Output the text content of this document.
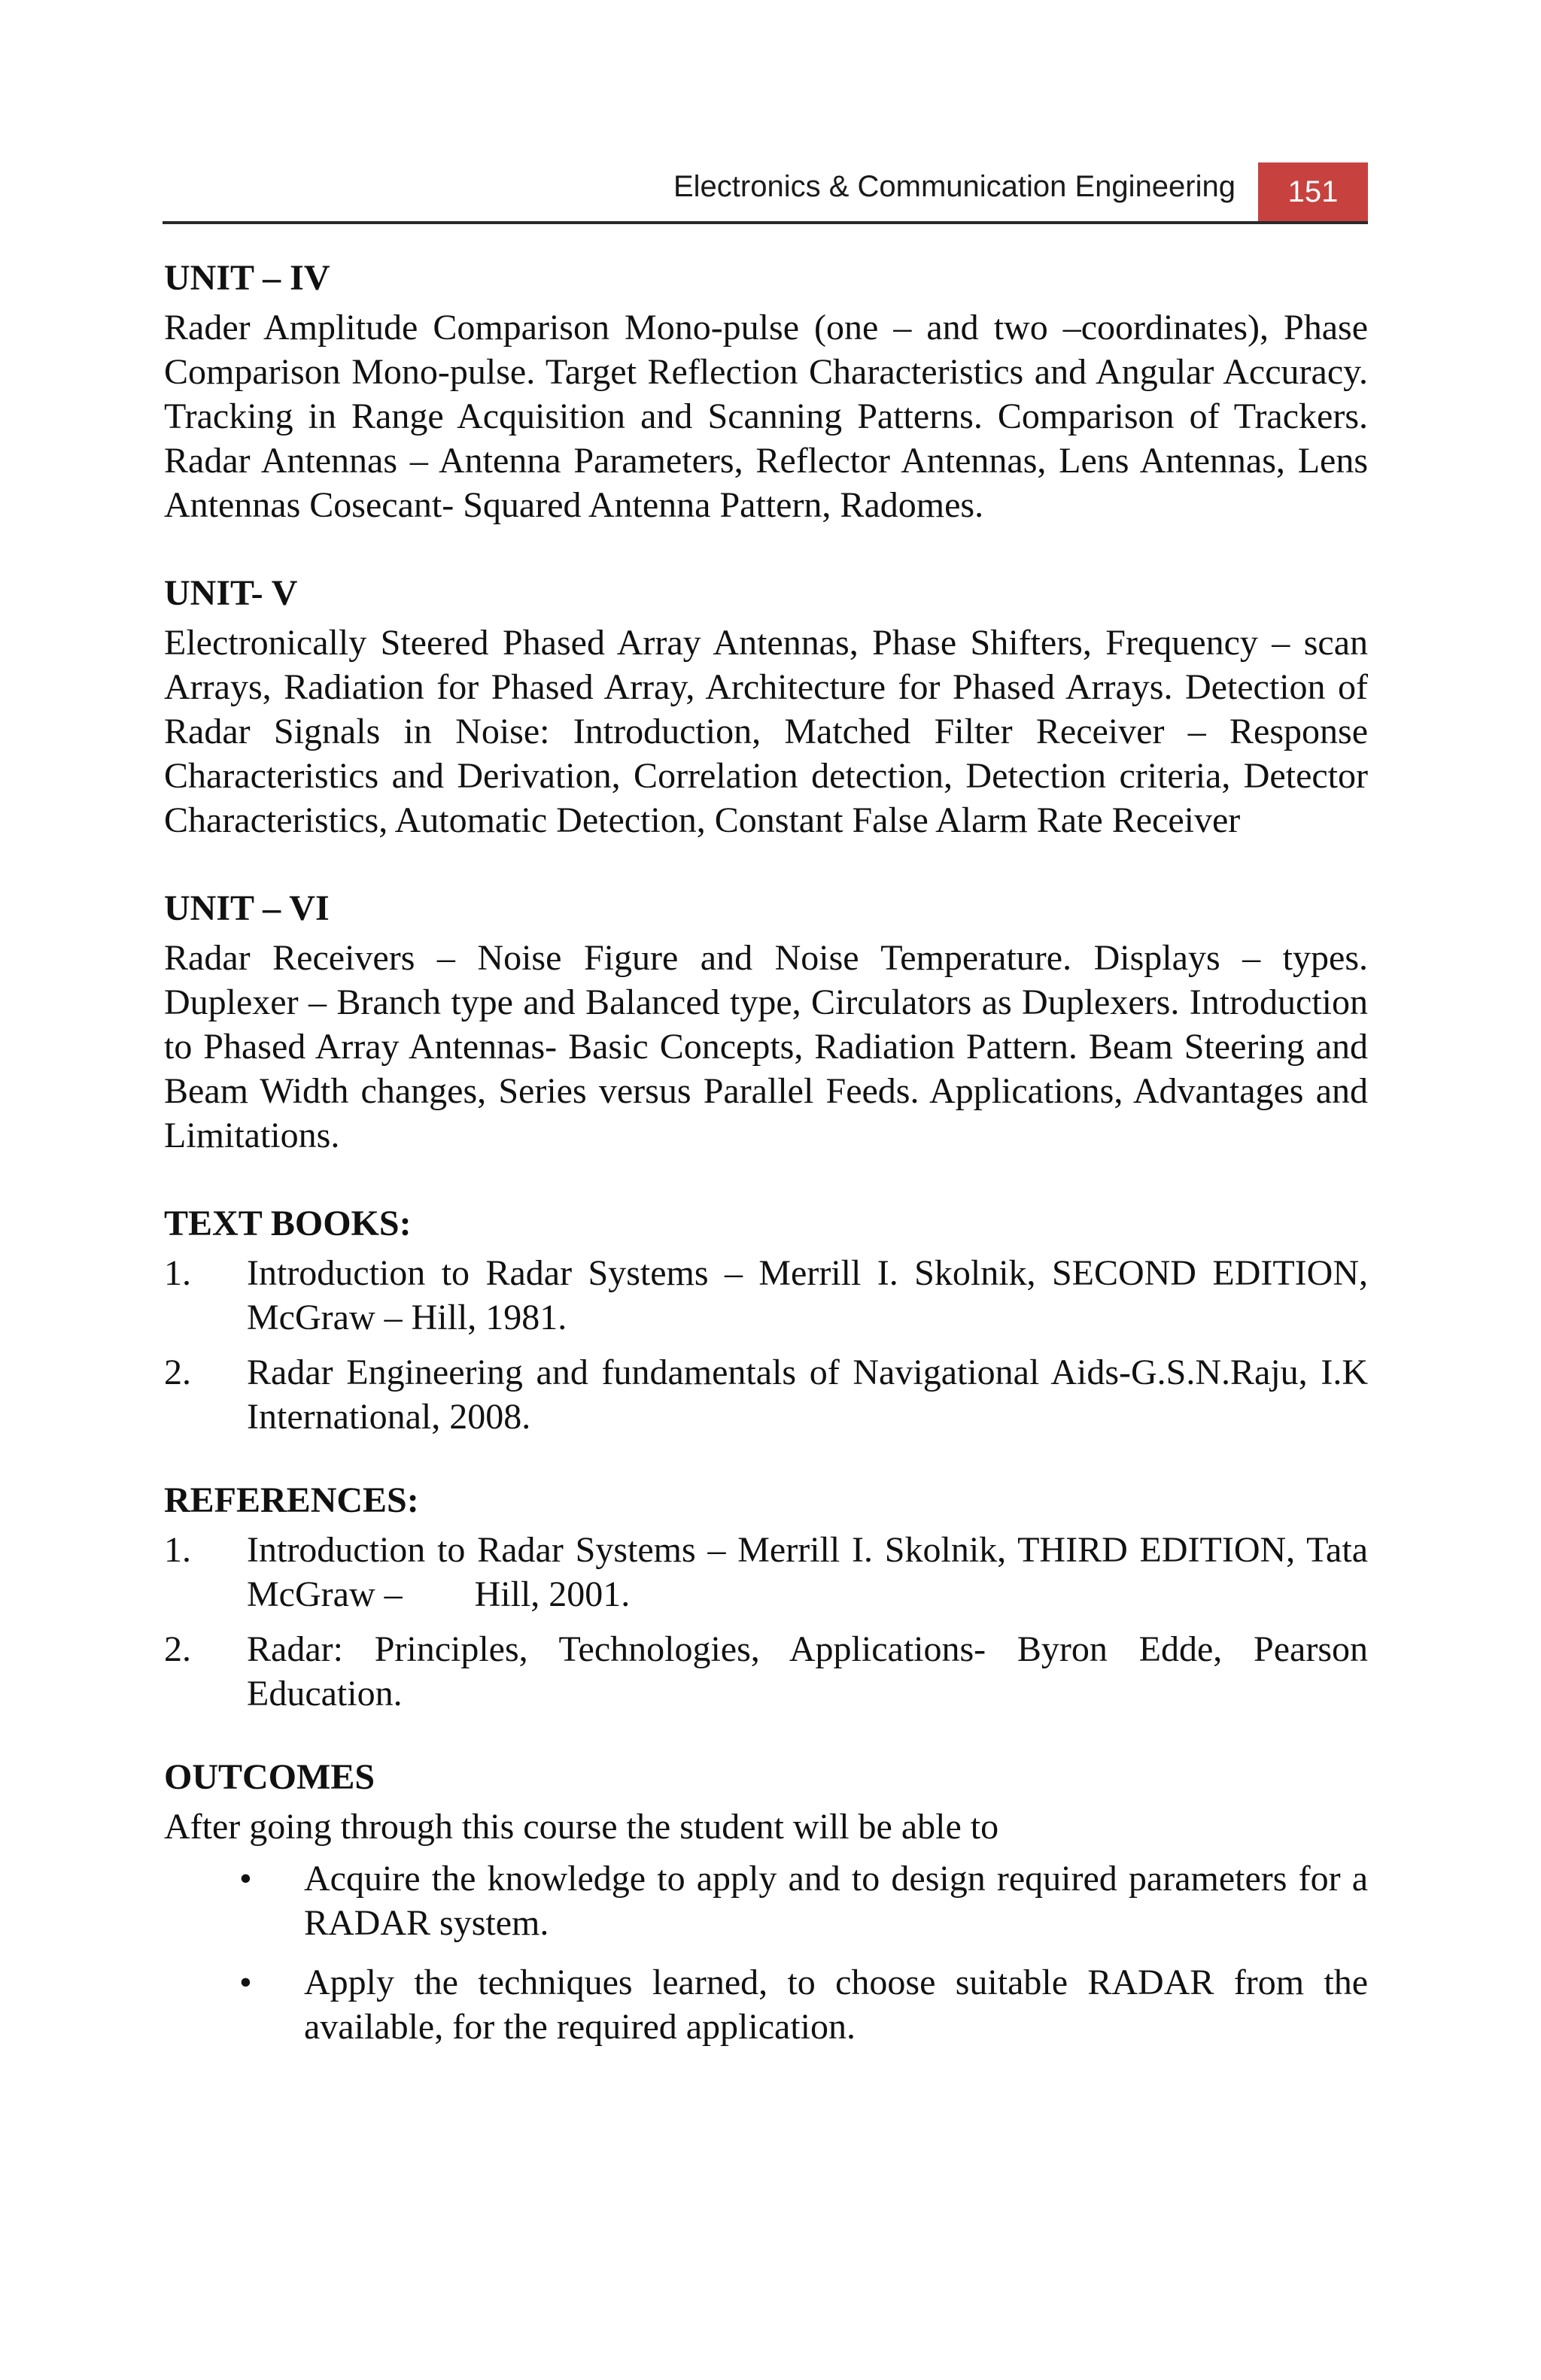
Electronics & Communication Engineering	151
UNIT – IV

Rader Amplitude Comparison Mono-pulse (one – and two –coordinates), Phase Comparison Mono-pulse. Target Reflection Characteristics and Angular Accuracy. Tracking in Range Acquisition and Scanning Patterns. Comparison of Trackers. Radar Antennas – Antenna Parameters, Reflector Antennas, Lens Antennas, Lens Antennas Cosecant- Squared Antenna Pattern, Radomes.

UNIT- V

Electronically Steered Phased Array Antennas, Phase Shifters, Frequency – scan Arrays, Radiation for Phased Array, Architecture for Phased Arrays. Detection of Radar Signals in Noise: Introduction, Matched Filter Receiver – Response Characteristics and Derivation, Correlation detection, Detection criteria, Detector Characteristics, Automatic Detection, Constant False Alarm Rate Receiver

UNIT – VI

Radar Receivers – Noise Figure and Noise Temperature. Displays – types. Duplexer – Branch type and Balanced type, Circulators as Duplexers. Introduction to Phased Array Antennas- Basic Concepts, Radiation Pattern. Beam Steering and Beam Width changes, Series versus Parallel Feeds. Applications, Advantages and Limitations.

TEXT BOOKS:
1. Introduction to Radar Systems – Merrill I. Skolnik, SECOND EDITION, McGraw – Hill, 1981.
2. Radar Engineering and fundamentals of Navigational Aids-G.S.N.Raju, I.K International, 2008.
REFERENCES:
1. Introduction to Radar Systems – Merrill I. Skolnik, THIRD EDITION, Tata McGraw –        Hill, 2001.
2. Radar: Principles, Technologies, Applications- Byron Edde, Pearson Education.
OUTCOMES

After going through this course the student will be able to

• Acquire the knowledge to apply and to design required parameters for a RADAR system.
• Apply the techniques learned, to choose suitable RADAR from the available, for the required application.
